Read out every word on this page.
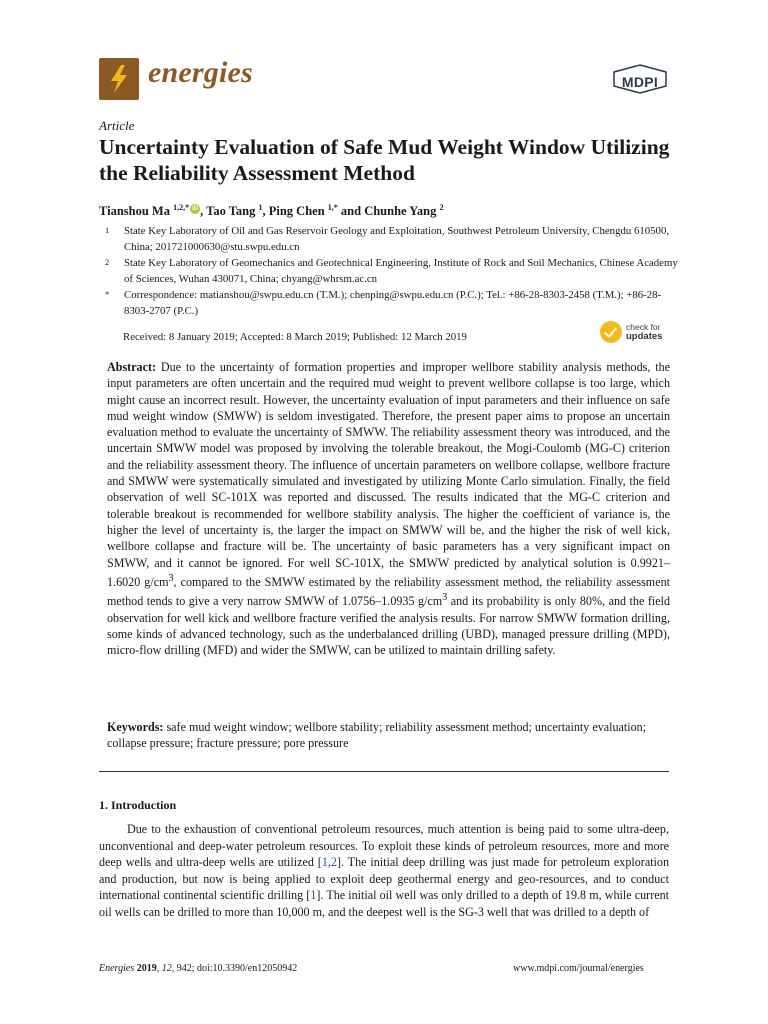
energies	MDPI
Article
Uncertainty Evaluation of Safe Mud Weight Window Utilizing the Reliability Assessment Method
Tianshou Ma $^{1,2,*}$iD , Tao Tang $^1$, Ping Chen $^{1,*}$ and Chunhe Yang $^2$
1 State Key Laboratory of Oil and Gas Reservoir Geology and Exploitation, Southwest Petroleum University, Chengdu 610500, China; 201721000630@stu.swpu.edu.cn
2 State Key Laboratory of Geomechanics and Geotechnical Engineering, Institute of Rock and Soil Mechanics, Chinese Academy of Sciences, Wuhan 430071, China; chyang@whrsm.ac.cn
* Correspondence: matianshou@swpu.edu.cn (T.M.); chenping@swpu.edu.cn (P.C.); Tel.: +86-28-8303-2458 (T.M.); +86-28-8303-2707 (P.C.)
Received: 8 January 2019; Accepted: 8 March 2019; Published: 12 March 2019
check for
updates
Abstract: Due to the uncertainty of formation properties and improper wellbore stability analysis methods, the input parameters are often uncertain and the required mud weight to prevent wellbore collapse is too large, which might cause an incorrect result. However, the uncertainty evaluation of input parameters and their influence on safe mud weight window (SMWW) is seldom investigated. Therefore, the present paper aims to propose an uncertain evaluation method to evaluate the uncertainty of SMWW. The reliability assessment theory was introduced, and the uncertain SMWW model was proposed by involving the tolerable breakout, the Mogi-Coulomb (MG-C) criterion and the reliability assessment theory. The influence of uncertain parameters on wellbore collapse, wellbore fracture and SMWW were systematically simulated and investigated by utilizing Monte Carlo simulation. Finally, the field observation of well SC-101X was reported and discussed. The results indicated that the MG-C criterion and tolerable breakout is recommended for wellbore stability analysis. The higher the coefficient of variance is, the higher the level of uncertainty is, the larger the impact on SMWW will be, and the higher the risk of well kick, wellbore collapse and fracture will be. The uncertainty of basic parameters has a very significant impact on SMWW, and it cannot be ignored. For well SC-101X, the SMWW predicted by analytical solution is 0.9921–1.6020 $g/cm^3$, compared to the SMWW estimated by the reliability assessment method, the reliability assessment method tends to give a very narrow SMWW of 1.0756–1.0935 $g/cm^3$ and its probability is only 80%, and the field observation for well kick and wellbore fracture verified the analysis results. For narrow SMWW formation drilling, some kinds of advanced technology, such as the underbalanced drilling (UBD), managed pressure drilling (MPD), micro-flow drilling (MFD) and wider the SMWW, can be utilized to maintain drilling safety.
Keywords: safe mud weight window; wellbore stability; reliability assessment method; uncertainty evaluation; collapse pressure; fracture pressure; pore pressure
1. Introduction
Due to the exhaustion of conventional petroleum resources, much attention is being paid to some ultra-deep, unconventional and deep-water petroleum resources. To exploit these kinds of petroleum resources, more and more deep wells and ultra-deep wells are utilized [1,2]. The initial deep drilling was just made for petroleum exploration and production, but now is being applied to exploit deep geothermal energy and geo-resources, and to conduct international continental scientific drilling [1]. The initial oil well was only drilled to a depth of 19.8 m, while current oil wells can be drilled to more than 10,000 m, and the deepest well is the SG-3 well that was drilled to a depth of
Energies 2019, 12, 942; doi:10.3390/en12050942	www.mdpi.com/journal/energies
